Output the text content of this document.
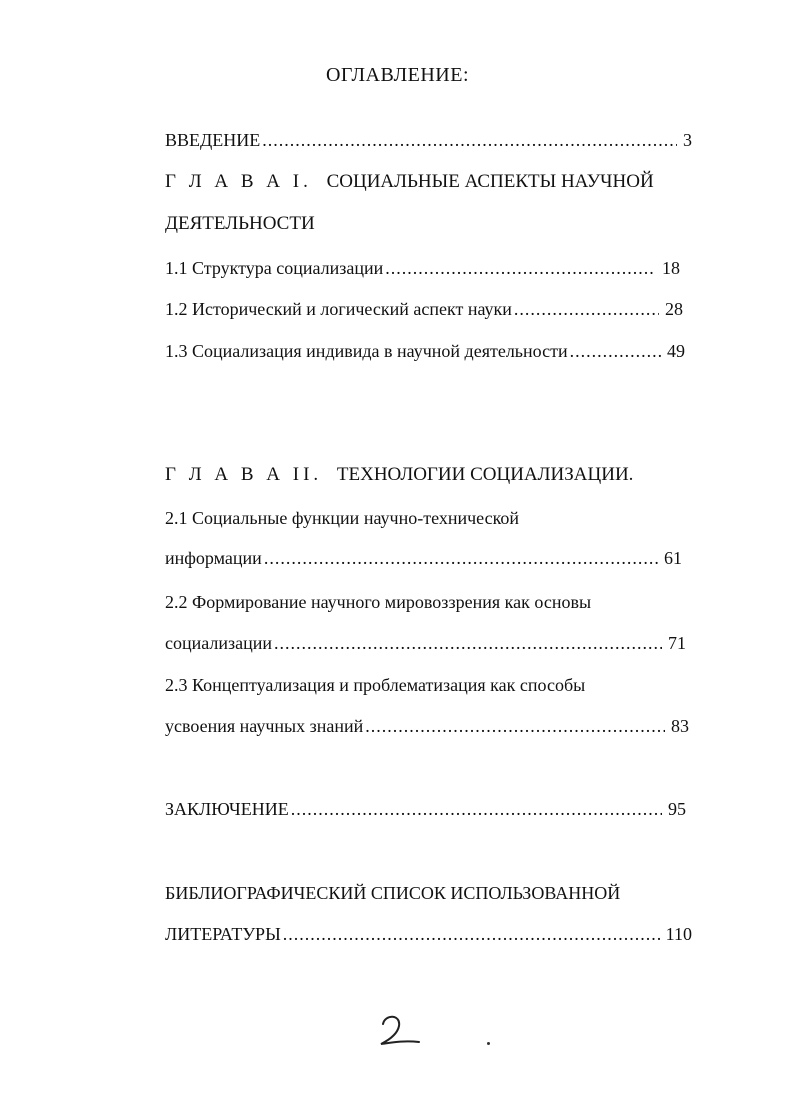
ОГЛАВЛЕНИЕ:
ВВЕДЕНИЕ .....	3
Г Л А В А I. СОЦИАЛЬНЫЕ АСПЕКТЫ НАУЧНОЙ
ДЕЯТЕЛЬНОСТИ
1.1 Структура социализации .....	18
1.2 Исторический и логический аспект науки .....	28
1.3 Социализация индивида в научной деятельности .....	49
Г Л А В А II. ТЕХНОЛОГИИ СОЦИАЛИЗАЦИИ.
2.1 Социальные функции научно-технической
информации .....	61
2.2 Формирование научного мировоззрения как основы
социализации .....	71
2.3 Концептуализация и проблематизация как способы
усвоения научных знаний .....	83
ЗАКЛЮЧЕНИЕ .....	95
БИБЛИОГРАФИЧЕСКИЙ СПИСОК ИСПОЛЬЗОВАННОЙ
ЛИТЕРАТУРЫ .....	110
